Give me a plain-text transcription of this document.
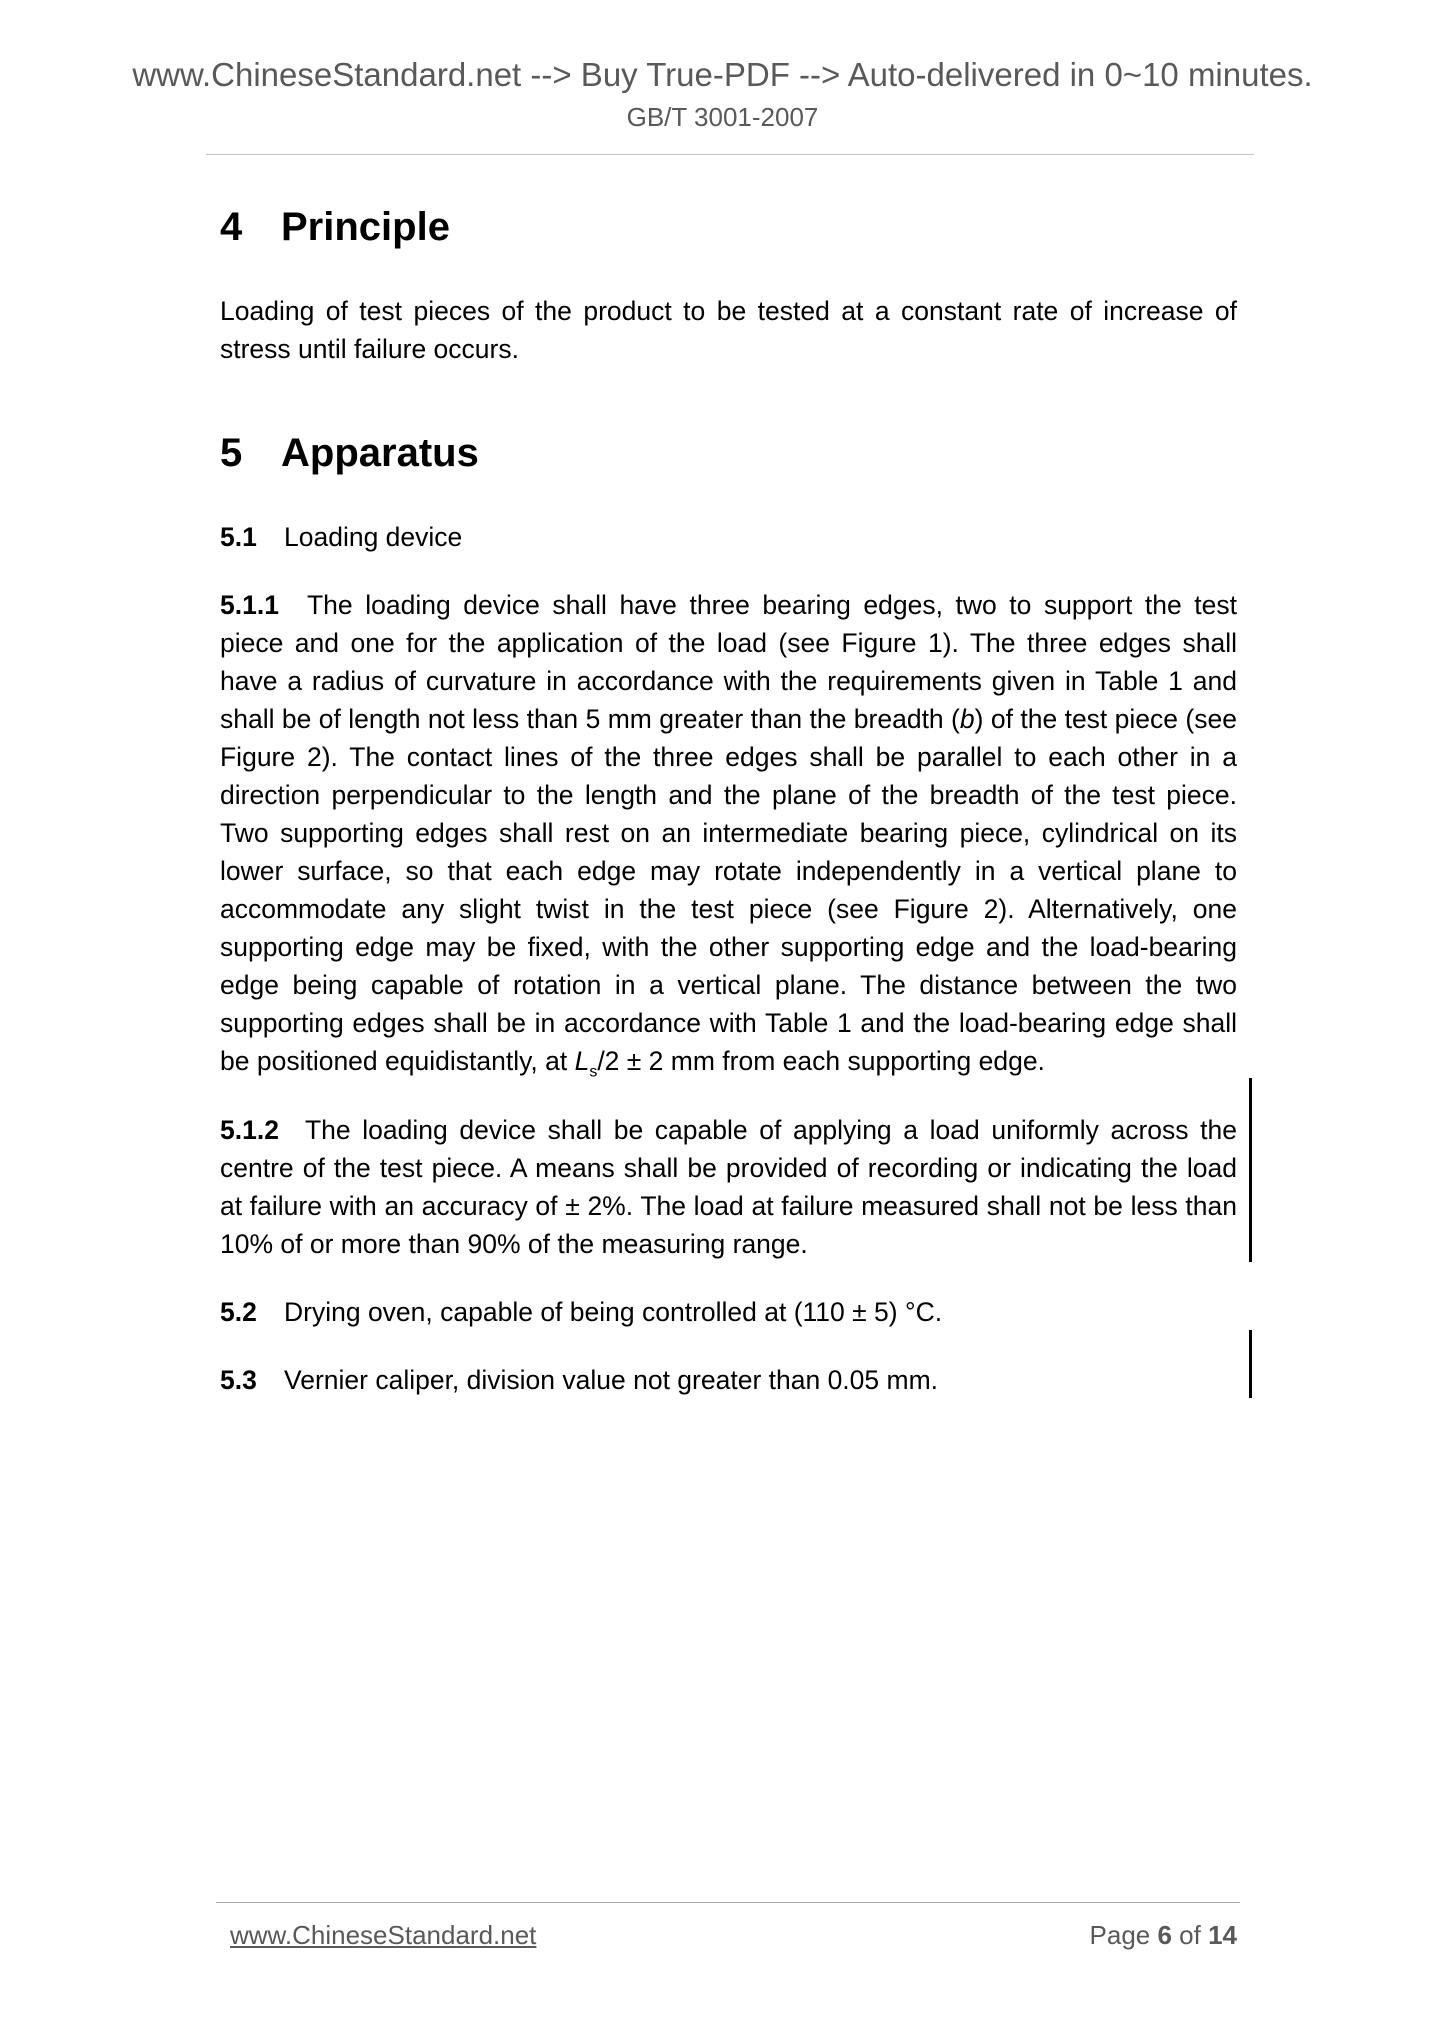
www.ChineseStandard.net --> Buy True-PDF --> Auto-delivered in 0~10 minutes.
GB/T 3001-2007
4 Principle

Loading of test pieces of the product to be tested at a constant rate of increase of stress until failure occurs.

5 Apparatus

5.1 Loading device

5.1.1 The loading device shall have three bearing edges, two to support the test piece and one for the application of the load (see Figure 1). The three edges shall have a radius of curvature in accordance with the requirements given in Table 1 and shall be of length not less than 5 mm greater than the breadth (b) of the test piece (see Figure 2). The contact lines of the three edges shall be parallel to each other in a direction perpendicular to the length and the plane of the breadth of the test piece. Two supporting edges shall rest on an intermediate bearing piece, cylindrical on its lower surface, so that each edge may rotate independently in a vertical plane to accommodate any slight twist in the test piece (see Figure 2). Alternatively, one supporting edge may be fixed, with the other supporting edge and the load-bearing edge being capable of rotation in a vertical plane. The distance between the two supporting edges shall be in accordance with Table 1 and the load-bearing edge shall be positioned equidistantly, at $L_s/2 \pm 2$ mm from each supporting edge.

5.1.2 The loading device shall be capable of applying a load uniformly across the centre of the test piece. A means shall be provided of recording or indicating the load at failure with an accuracy of ± 2%. The load at failure measured shall not be less than 10% of or more than 90% of the measuring range.

5.2 Drying oven, capable of being controlled at (110 ± 5) °C.

5.3 Vernier caliper, division value not greater than 0.05 mm.

www.ChineseStandard.net	Page 6 of 14
